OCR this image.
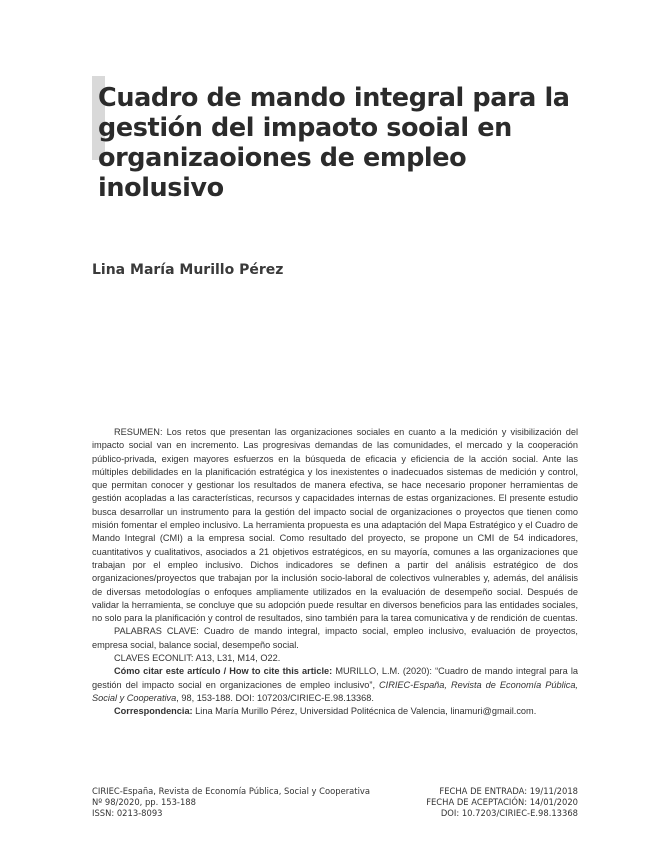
Cuadro de mando integral para la
gestión del impaoto sooial en
organizaoiones de empleo
inolusivo
Lina María Murillo Pérez

RESUMEN: Los retos que presentan las organizaciones sociales en cuanto a la medición y visibilización del impacto social van en incremento. Las progresivas demandas de las comunidades, el mercado y la cooperación público-privada, exigen mayores esfuerzos en la búsqueda de eficacia y eficiencia de la acción social. Ante las múltiples debilidades en la planificación estratégica y los inexistentes o inadecuados sistemas de medición y control, que permitan conocer y gestionar los resultados de manera efectiva, se hace necesario proponer herramientas de gestión acopladas a las características, recursos y capacidades internas de estas organizaciones. El presente estudio busca desarrollar un instrumento para la gestión del impacto social de organizaciones o proyectos que tienen como misión fomentar el empleo inclusivo. La herramienta propuesta es una adaptación del Mapa Estratégico y el Cuadro de Mando Integral (CMI) a la empresa social. Como resultado del proyecto, se propone un CMI de 54 indicadores, cuantitativos y cualitativos, asociados a 21 objetivos estratégicos, en su mayoría, comunes a las organizaciones que trabajan por el empleo inclusivo. Dichos indicadores se definen a partir del análisis estratégico de dos organizaciones/proyectos que trabajan por la inclusión socio-laboral de colectivos vulnerables y, además, del análisis de diversas metodologías o enfoques ampliamente utilizados en la evaluación de desempeño social. Después de validar la herramienta, se concluye que su adopción puede resultar en diversos beneficios para las entidades sociales, no solo para la planificación y control de resultados, sino también para la tarea comunicativa y de rendición de cuentas.

PALABRAS CLAVE: Cuadro de mando integral, impacto social, empleo inclusivo, evaluación de proyectos, empresa social, balance social, desempeño social.

CLAVES ECONLIT: A13, L31, M14, O22.

Cómo citar este artículo / How to cite this article: MURILLO, L.M. (2020): “Cuadro de mando integral para la gestión del impacto social en organizaciones de empleo inclusivo”, CIRIEC-España, Revista de Economía Pública, Social y Cooperativa, 98, 153-188. DOI: 107203/CIRIEC-E.98.13368.

Correspondencia: Lina María Murillo Pérez, Universidad Politécnica de Valencia, linamuri@gmail.com.

CIRIEC-España, Revista de Economía Pública, Social y Cooperativa
Nº 98/2020, pp. 153-188
ISSN: 0213-8093
FECHA DE ENTRADA: 19/11/2018
FECHA DE ACEPTACIÓN: 14/01/2020
DOI: 10.7203/CIRIEC-E.98.13368
